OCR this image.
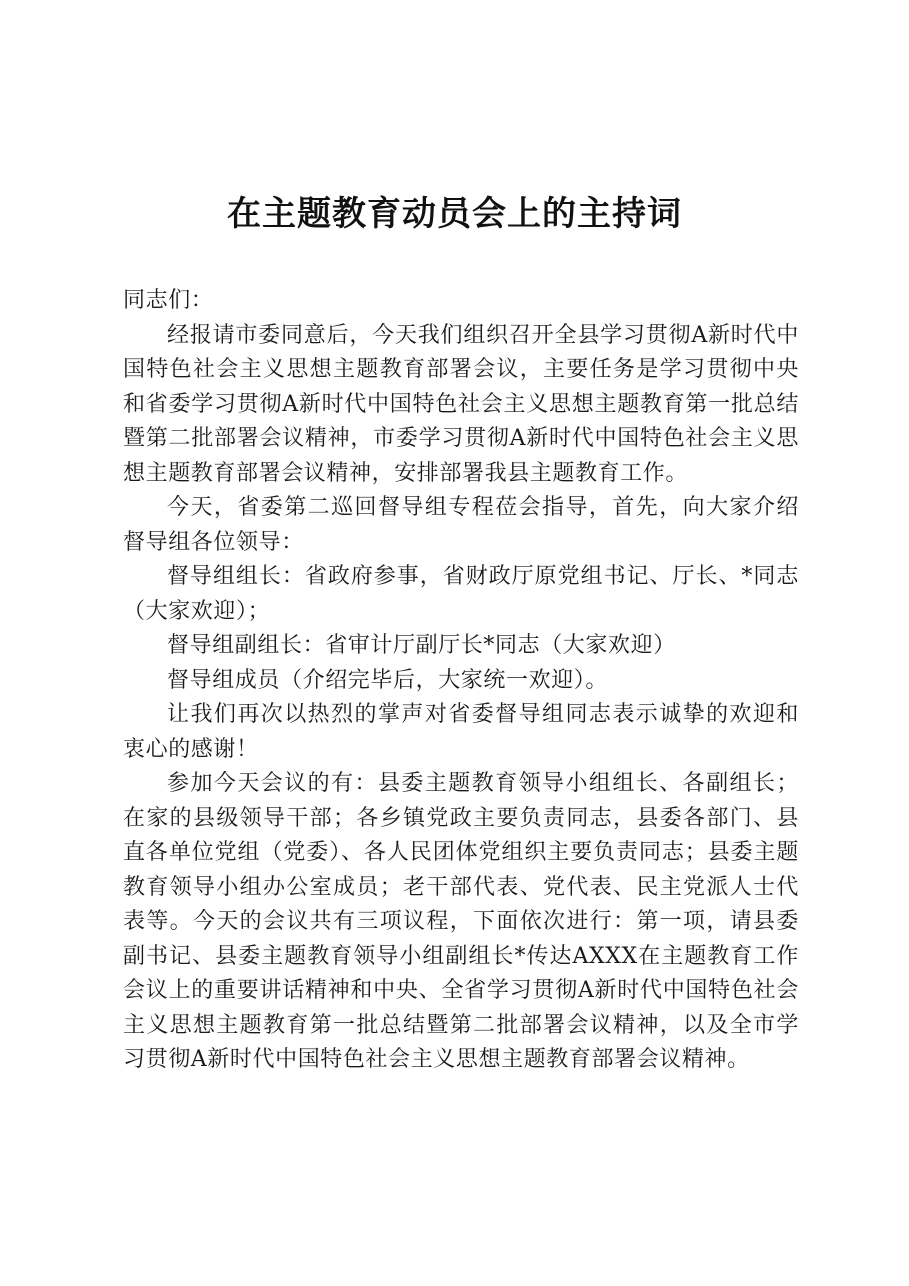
在主题教育动员会上的主持词

同志们：

经报请市委同意后，今天我们组织召开全县学习贯彻A新时代中国特色社会主义思想主题教育部署会议，主要任务是学习贯彻中央和省委学习贯彻A新时代中国特色社会主义思想主题教育第一批总结暨第二批部署会议精神，市委学习贯彻A新时代中国特色社会主义思想主题教育部署会议精神，安排部署我县主题教育工作。

今天，省委第二巡回督导组专程莅会指导，首先，向大家介绍督导组各位领导：

督导组组长：省政府参事，省财政厅原党组书记、厅长、*同志（大家欢迎）；

督导组副组长：省审计厅副厅长*同志（大家欢迎）

督导组成员（介绍完毕后，大家统一欢迎）。

让我们再次以热烈的掌声对省委督导组同志表示诚挚的欢迎和衷心的感谢！

参加今天会议的有：县委主题教育领导小组组长、各副组长；在家的县级领导干部；各乡镇党政主要负责同志，县委各部门、县直各单位党组（党委）、各人民团体党组织主要负责同志；县委主题教育领导小组办公室成员；老干部代表、党代表、民主党派人士代表等。今天的会议共有三项议程，下面依次进行：第一项，请县委副书记、县委主题教育领导小组副组长*传达AXXX在主题教育工作会议上的重要讲话精神和中央、全省学习贯彻A新时代中国特色社会主义思想主题教育第一批总结暨第二批部署会议精神，以及全市学习贯彻A新时代中国特色社会主义思想主题教育部署会议精神。
